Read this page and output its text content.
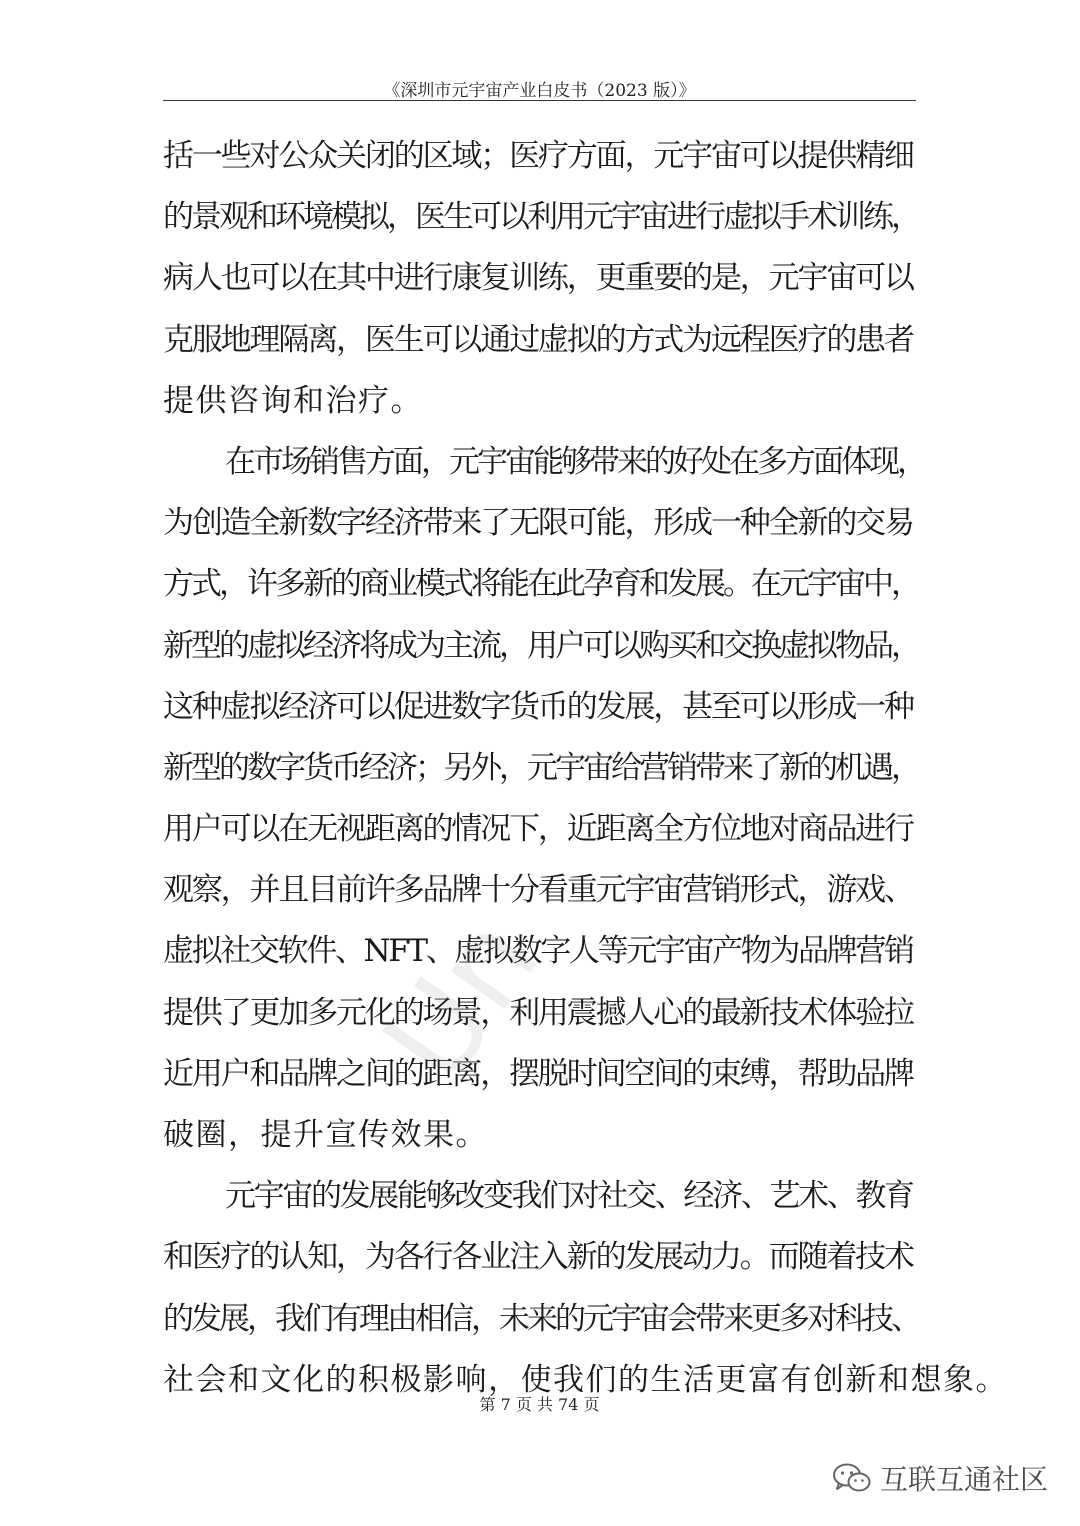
《深圳市元宇宙产业白皮书（2023 版）》
括一些对公众关闭的区域；医疗方面，元宇宙可以提供精细
的景观和环境模拟，医生可以利用元宇宙进行虚拟手术训练，
病人也可以在其中进行康复训练，更重要的是，元宇宙可以
克服地理隔离，医生可以通过虚拟的方式为远程医疗的患者
提供咨询和治疗。
在市场销售方面，元宇宙能够带来的好处在多方面体现，
为创造全新数字经济带来了无限可能，形成一种全新的交易
方式，许多新的商业模式将能在此孕育和发展。在元宇宙中，
新型的虚拟经济将成为主流，用户可以购买和交换虚拟物品，
这种虚拟经济可以促进数字货币的发展，甚至可以形成一种
新型的数字货币经济；另外，元宇宙给营销带来了新的机遇，
用户可以在无视距离的情况下，近距离全方位地对商品进行
观察，并且目前许多品牌十分看重元宇宙营销形式，游戏、
虚拟社交软件、NFT、虚拟数字人等元宇宙产物为品牌营销
提供了更加多元化的场景，利用震撼人心的最新技术体验拉
近用户和品牌之间的距离，摆脱时间空间的束缚，帮助品牌
破圈，提升宣传效果。
元宇宙的发展能够改变我们对社交、经济、艺术、教育
和医疗的认知，为各行各业注入新的发展动力。而随着技术
的发展，我们有理由相信，未来的元宇宙会带来更多对科技、
社会和文化的积极影响，使我们的生活更富有创新和想象。
Un
第 7 页 共 74 页
互联互通社区
